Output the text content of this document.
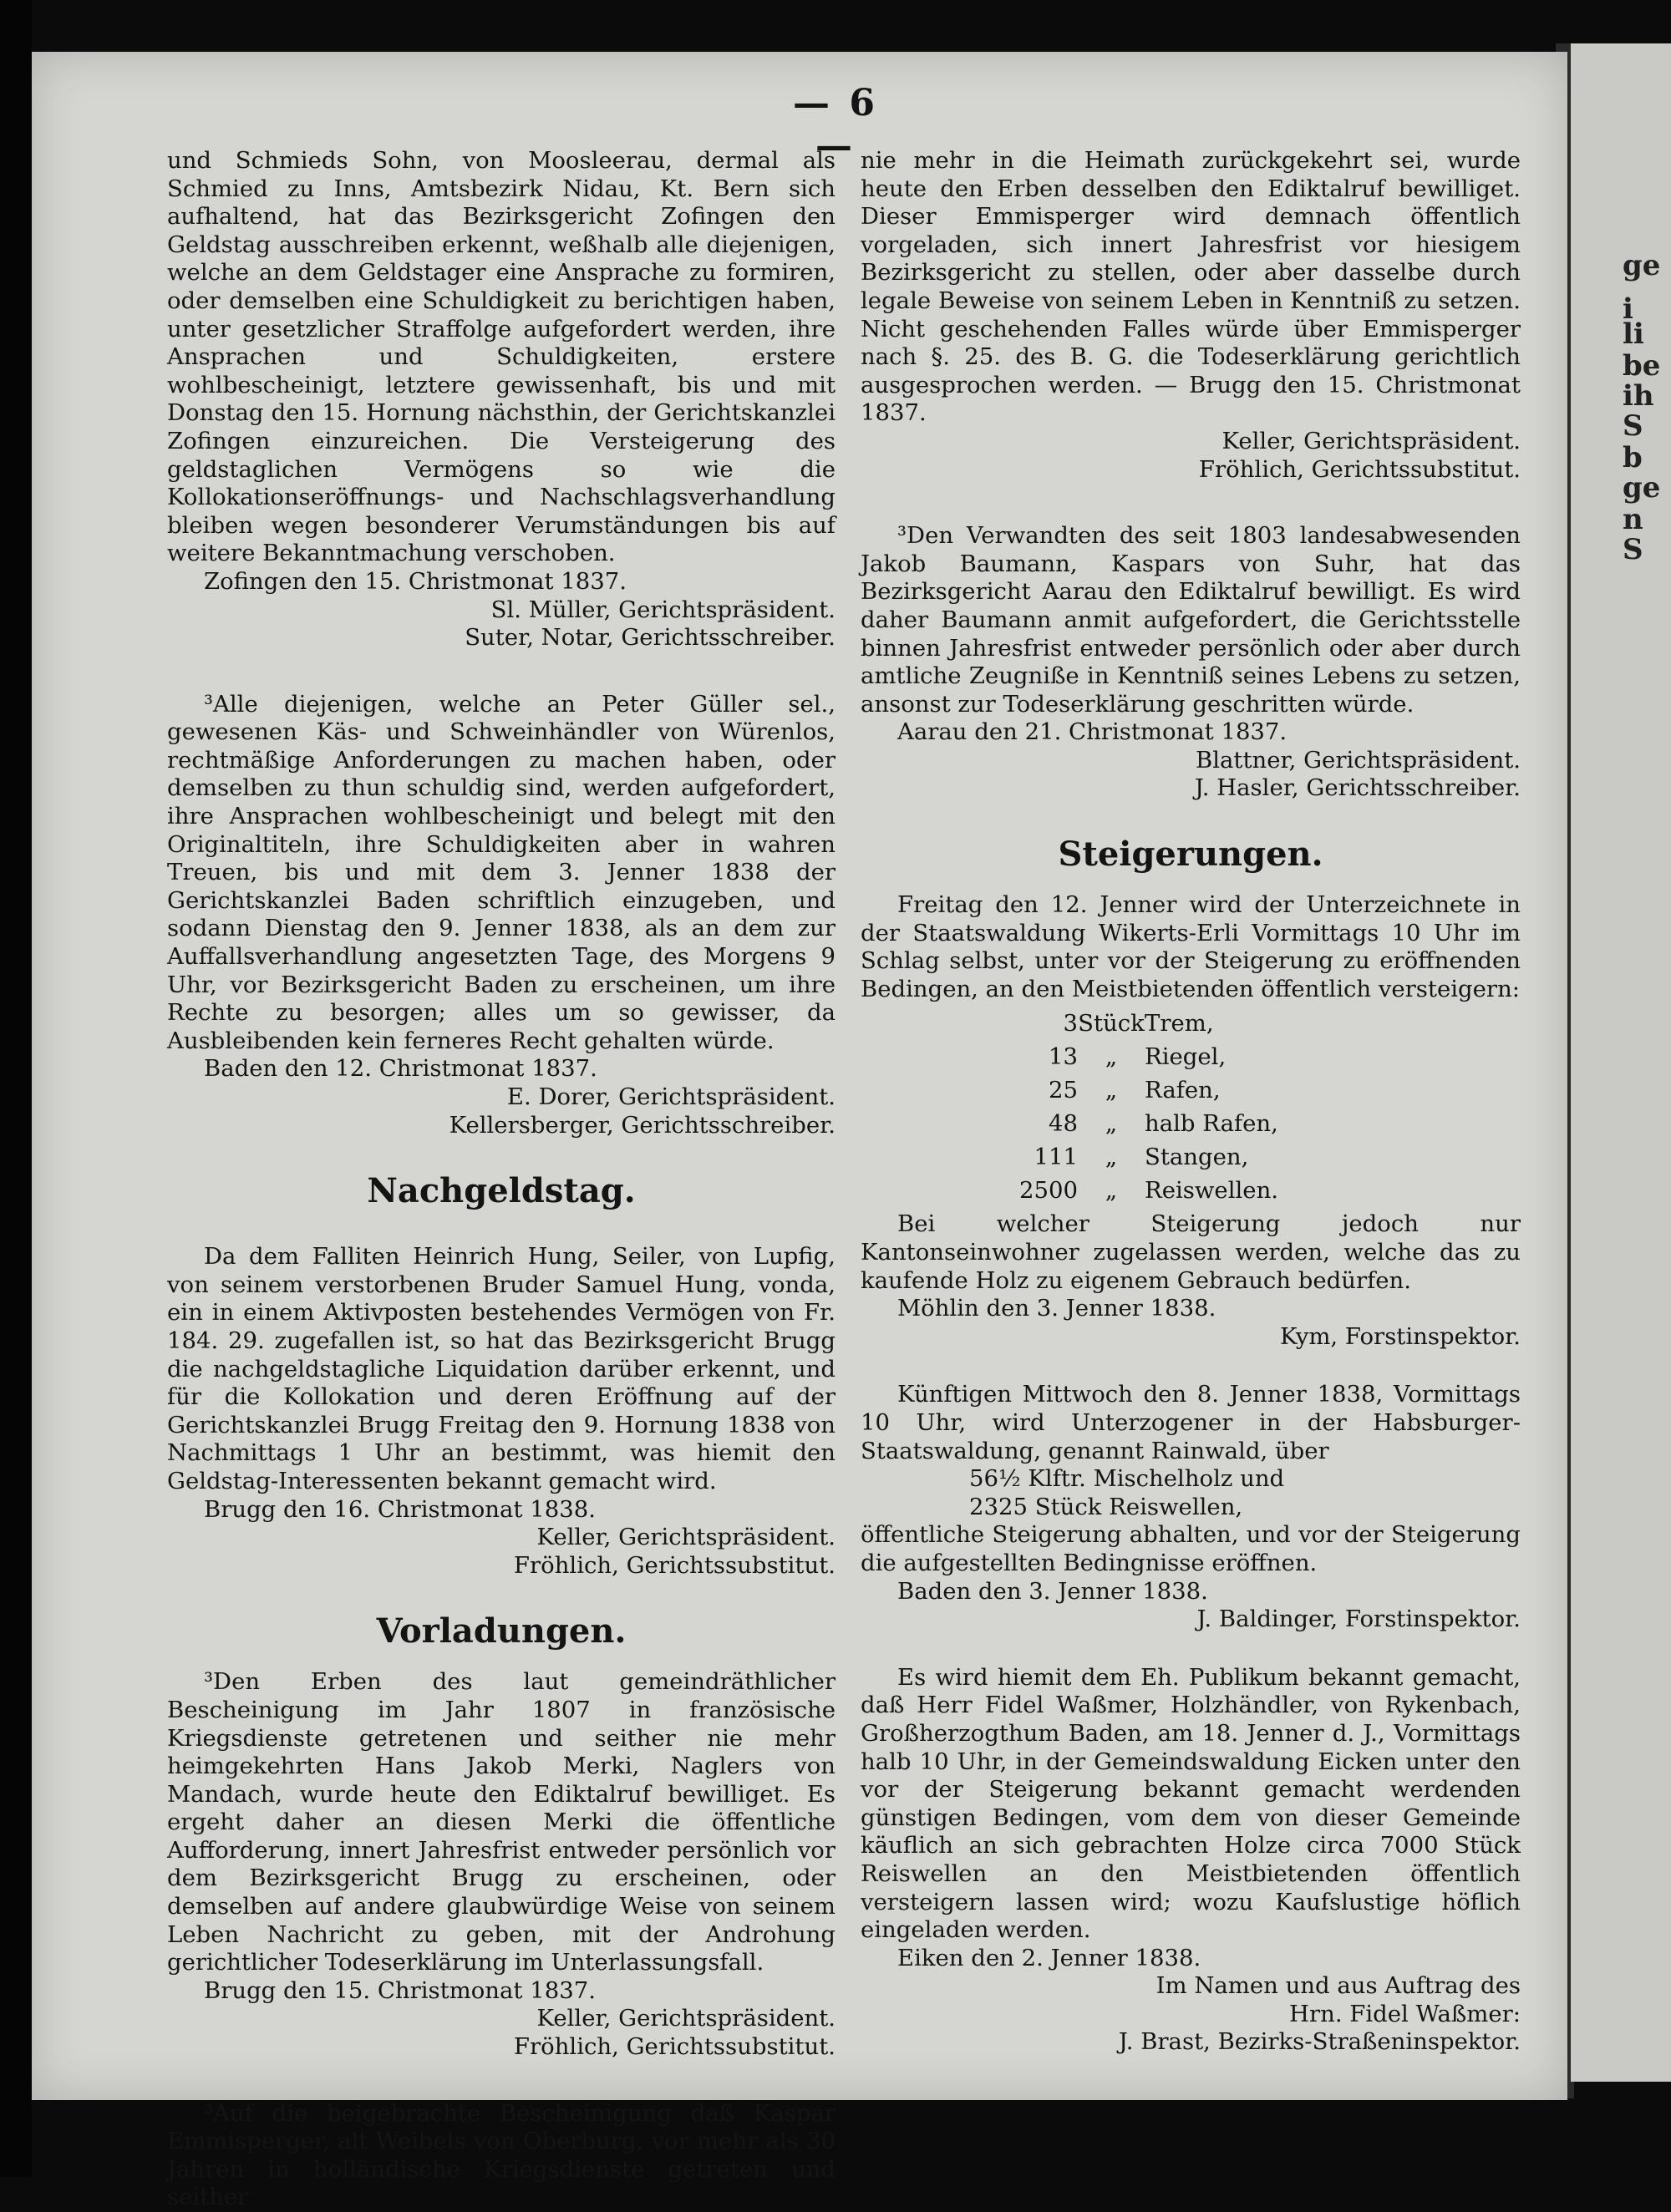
ge
i
li
be
ih
S
b
ge
n
S
— 6 —

und Schmieds Sohn, von Moosleerau, dermal als Schmied zu Inns, Amtsbezirk Nidau, Kt. Bern sich aufhaltend, hat das Bezirksgericht Zofingen den Geldstag ausschreiben erkennt, weßhalb alle diejenigen, welche an dem Geldstager eine Ansprache zu formiren, oder demselben eine Schuldigkeit zu berichtigen haben, unter gesetzlicher Straffolge aufgefordert werden, ihre Ansprachen und Schuldigkeiten, erstere wohlbescheinigt, letztere gewissenhaft, bis und mit Donstag den 15. Hornung nächsthin, der Gerichtskanzlei Zofingen einzureichen. Die Versteigerung des geldstaglichen Vermögens so wie die Kollokationseröffnungs- und Nachschlagsverhandlung bleiben wegen besonderer Verumständungen bis auf weitere Bekanntmachung verschoben.

Zofingen den 15. Christmonat 1837.

Sl. Müller, Gerichtspräsident.

Suter, Notar, Gerichtsschreiber.

³Alle diejenigen, welche an Peter Güller sel., gewesenen Käs- und Schweinhändler von Würenlos, rechtmäßige Anforderungen zu machen haben, oder demselben zu thun schuldig sind, werden aufgefordert, ihre Ansprachen wohlbescheinigt und belegt mit den Originaltiteln, ihre Schuldigkeiten aber in wahren Treuen, bis und mit dem 3. Jenner 1838 der Gerichtskanzlei Baden schriftlich einzugeben, und sodann Dienstag den 9. Jenner 1838, als an dem zur Auffallsverhandlung angesetzten Tage, des Morgens 9 Uhr, vor Bezirksgericht Baden zu erscheinen, um ihre Rechte zu besorgen; alles um so gewisser, da Ausbleibenden kein ferneres Recht gehalten würde.

Baden den 12. Christmonat 1837.

E. Dorer, Gerichtspräsident.

Kellersberger, Gerichtsschreiber.

Nachgeldstag.

Da dem Falliten Heinrich Hung, Seiler, von Lupfig, von seinem verstorbenen Bruder Samuel Hung, vonda, ein in einem Aktivposten bestehendes Vermögen von Fr. 184. 29. zugefallen ist, so hat das Bezirksgericht Brugg die nachgeldstagliche Liquidation darüber erkennt, und für die Kollokation und deren Eröffnung auf der Gerichtskanzlei Brugg Freitag den 9. Hornung 1838 von Nachmittags 1 Uhr an bestimmt, was hiemit den Geldstag-Interessenten bekannt gemacht wird.

Brugg den 16. Christmonat 1838.

Keller, Gerichtspräsident.

Fröhlich, Gerichtssubstitut.

Vorladungen.

³Den Erben des laut gemeindräthlicher Bescheinigung im Jahr 1807 in französische Kriegsdienste getretenen und seither nie mehr heimgekehrten Hans Jakob Merki, Naglers von Mandach, wurde heute den Ediktalruf bewilliget. Es ergeht daher an diesen Merki die öffentliche Aufforderung, innert Jahresfrist entweder persönlich vor dem Bezirksgericht Brugg zu erscheinen, oder demselben auf andere glaubwürdige Weise von seinem Leben Nachricht zu geben, mit der Androhung gerichtlicher Todeserklärung im Unterlassungsfall.

Brugg den 15. Christmonat 1837.

Keller, Gerichtspräsident.

Fröhlich, Gerichtssubstitut.

³Auf die beigebrachte Bescheinigung daß Kaspar Emmisperger, alt Weibels von Oberburg, vor mehr als 30 Jahren in holländische Kriegsdienste getreten und seither

nie mehr in die Heimath zurückgekehrt sei, wurde heute den Erben desselben den Ediktalruf bewilliget. Dieser Emmisperger wird demnach öffentlich vorgeladen, sich innert Jahresfrist vor hiesigem Bezirksgericht zu stellen, oder aber dasselbe durch legale Beweise von seinem Leben in Kenntniß zu setzen. Nicht geschehenden Falles würde über Emmisperger nach §. 25. des B. G. die Todeserklärung gerichtlich ausgesprochen werden. — Brugg den 15. Christmonat 1837.

Keller, Gerichtspräsident.

Fröhlich, Gerichtssubstitut.

³Den Verwandten des seit 1803 landesabwesenden Jakob Baumann, Kaspars von Suhr, hat das Bezirksgericht Aarau den Ediktalruf bewilligt. Es wird daher Baumann anmit aufgefordert, die Gerichtsstelle binnen Jahresfrist entweder persönlich oder aber durch amtliche Zeugniße in Kenntniß seines Lebens zu setzen, ansonst zur Todeserklärung geschritten würde.

Aarau den 21. Christmonat 1837.

Blattner, Gerichtspräsident.

J. Hasler, Gerichtsschreiber.

Steigerungen.

Freitag den 12. Jenner wird der Unterzeichnete in der Staatswaldung Wikerts-Erli Vormittags 10 Uhr im Schlag selbst, unter vor der Steigerung zu eröffnenden Bedingen, an den Meistbietenden öffentlich versteigern:

3 Stück Trem,
13	„	Riegel,
25	„	Rafen,
48	„	halb Rafen,
111	„	Stangen,
2500	„	Reiswellen.

Bei welcher Steigerung jedoch nur Kantonseinwohner zugelassen werden, welche das zu kaufende Holz zu eigenem Gebrauch bedürfen.

Möhlin den 3. Jenner 1838.

Kym, Forstinspektor.

Künftigen Mittwoch den 8. Jenner 1838, Vormittags 10 Uhr, wird Unterzogener in der Habsburger-Staatswaldung, genannt Rainwald, über

56½ Klftr. Mischelholz und

2325 Stück Reiswellen,

öffentliche Steigerung abhalten, und vor der Steigerung die aufgestellten Bedingnisse eröffnen.

Baden den 3. Jenner 1838.

J. Baldinger, Forstinspektor.

Es wird hiemit dem Eh. Publikum bekannt gemacht, daß Herr Fidel Waßmer, Holzhändler, von Rykenbach, Großherzogthum Baden, am 18. Jenner d. J., Vormittags halb 10 Uhr, in der Gemeindswaldung Eicken unter den vor der Steigerung bekannt gemacht werdenden günstigen Bedingen, vom dem von dieser Gemeinde käuflich an sich gebrachten Holze circa 7000 Stück Reiswellen an den Meistbietenden öffentlich versteigern lassen wird; wozu Kaufslustige höflich eingeladen werden.

Eiken den 2. Jenner 1838.

Im Namen und aus Auftrag des

Hrn. Fidel Waßmer:

J. Brast, Bezirks-Straßeninspektor.
